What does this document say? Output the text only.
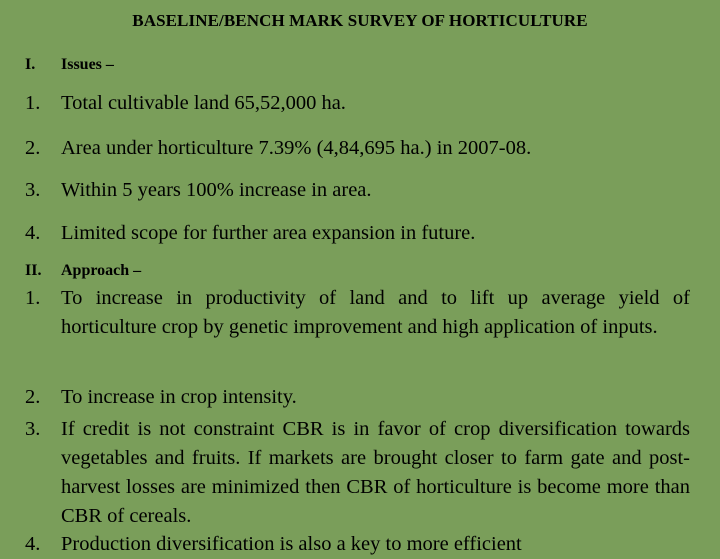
BASELINE/BENCH MARK SURVEY OF HORTICULTURE
I. Issues –
1.	Total cultivable land 65,52,000 ha.
2.	Area under horticulture 7.39% (4,84,695 ha.) in 2007-08.
3.	Within 5 years 100% increase in area.
4.	Limited scope for further area expansion in future.
II. Approach –
1.	To increase in productivity of land and to lift up average yield of horticulture crop by genetic improvement and high application of inputs.
2.	To increase in crop intensity.
3.	If credit is not constraint CBR is in favor of crop diversification towards vegetables and fruits. If markets are brought closer to farm gate and post-harvest losses are minimized then CBR of horticulture is become more than CBR of cereals.
4.	Production diversification is also a key to more efficient
